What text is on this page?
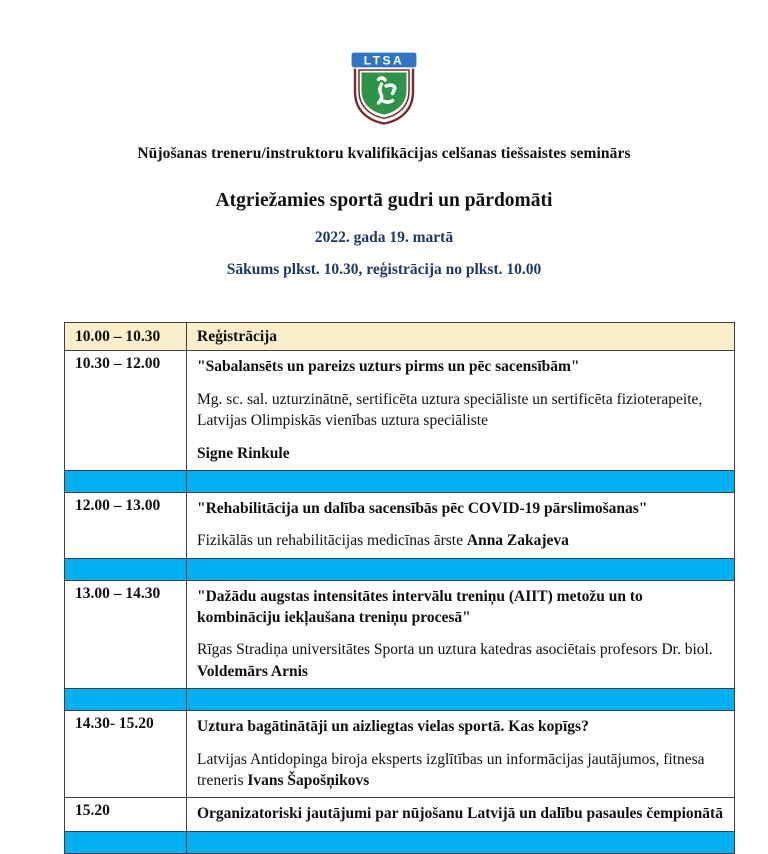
LTSA
Nūjošanas treneru/instruktoru kvalifikācijas celšanas tiešsaistes seminārs
Atgriežamies sportā gudri un pārdomāti
2022. gada 19. martā
Sākums plkst. 10.30, reģistrācija no plkst. 10.00
10.00 – 10.30	Reģistrācija
10.30 – 12.00	"Sabalansēts un pareizs uzturs pirms un pēc sacensībām"

Mg. sc. sal. uzturzinātnē, sertificēta uztura speciāliste un sertificēta fizioterapeite, Latvijas Olimpiskās vienības uztura speciāliste

Signe Rinkule

12.00 – 13.00	"Rehabilitācija un dalība sacensībās pēc COVID-19 pārslimošanas"

Fizikālās un rehabilitācijas medicīnas ārste Anna Zakajeva

13.00 – 14.30	"Dažādu augstas intensitātes intervālu treniņu (AIIT) metožu un to kombināciju iekļaušana treniņu procesā"

Rīgas Stradiņa universitātes Sporta un uztura katedras asociētais profesors Dr. biol. Voldemārs Arnis

14.30- 15.20	Uztura bagātinātāji un aizliegtas vielas sportā. Kas kopīgs?

Latvijas Antidopinga biroja eksperts izglītības un informācijas jautājumos, fitnesa treneris Ivans Šapošņikovs

15.20	Organizatoriski jautājumi par nūjošanu Latvijā un dalību pasaules čempionātā
